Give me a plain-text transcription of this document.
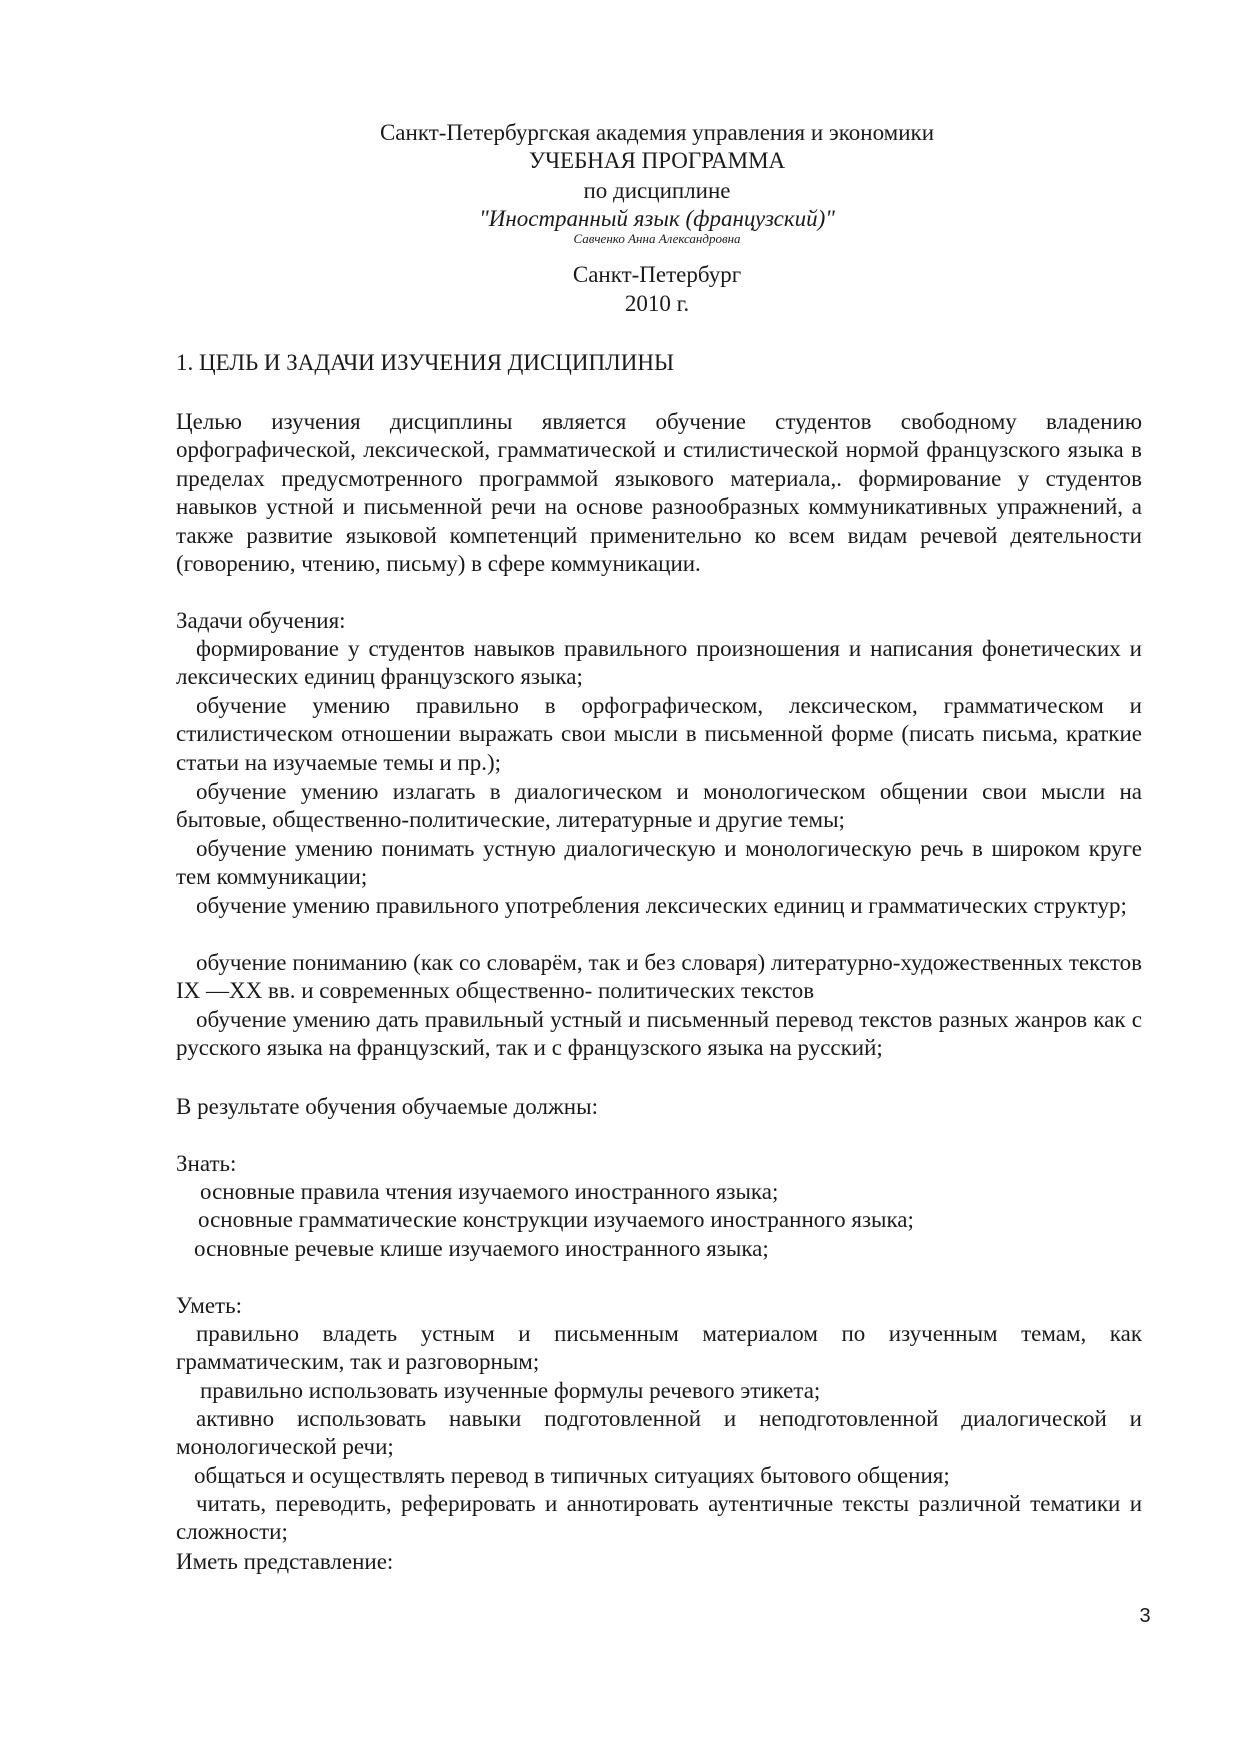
Санкт-Петербургская академия управления и экономики
УЧЕБНАЯ ПРОГРАММА
по дисциплине
"Иностранный язык (французский)"
Савченко Анна Александровна
Санкт-Петербург
2010 г.
1. ЦЕЛЬ И ЗАДАЧИ ИЗУЧЕНИЯ ДИСЦИПЛИНЫ
Целью изучения дисциплины является обучение студентов свободному владению орфографической, лексической, грамматической и стилистической нормой французского языка в пределах предусмотренного программой языкового материала,. формирование у студентов навыков устной и письменной речи на основе разнообразных коммуникативных упражнений, а также развитие языковой компетенций применительно ко всем видам речевой деятельности (говорению, чтению, письму) в сфере коммуникации.
Задачи обучения:
формирование у студентов навыков правильного произношения и написания фонетических и лексических единиц французского языка;
обучение умению правильно в орфографическом, лексическом, грамматическом и стилистическом отношении выражать свои мысли в письменной форме (писать письма, краткие статьи на изучаемые темы и пр.);
обучение умению излагать в диалогическом и монологическом общении свои мысли на бытовые, общественно-политические, литературные и другие темы;
обучение умению понимать устную диалогическую и монологическую речь в широком круге тем коммуникации;
обучение умению правильного употребления лексических единиц и грамматических структур;
обучение пониманию (как со словарём, так и без словаря) литературно-художественных текстов IX —XX вв. и современных общественно- политических текстов
обучение умению дать правильный устный и письменный перевод текстов разных жанров как с русского языка на французский, так и с французского языка на русский;
В результате обучения обучаемые должны:
Знать:
основные правила чтения изучаемого иностранного языка;
основные грамматические конструкции изучаемого иностранного языка;
основные речевые клише изучаемого иностранного языка;
Уметь:
правильно владеть устным и письменным материалом по изученным темам, как грамматическим, так и разговорным;
правильно использовать изученные формулы речевого этикета;
активно использовать навыки подготовленной и неподготовленной диалогической и монологической речи;
общаться и осуществлять перевод в типичных ситуациях бытового общения;
читать, переводить, реферировать и аннотировать аутентичные тексты различной тематики и сложности;
Иметь представление:
3
